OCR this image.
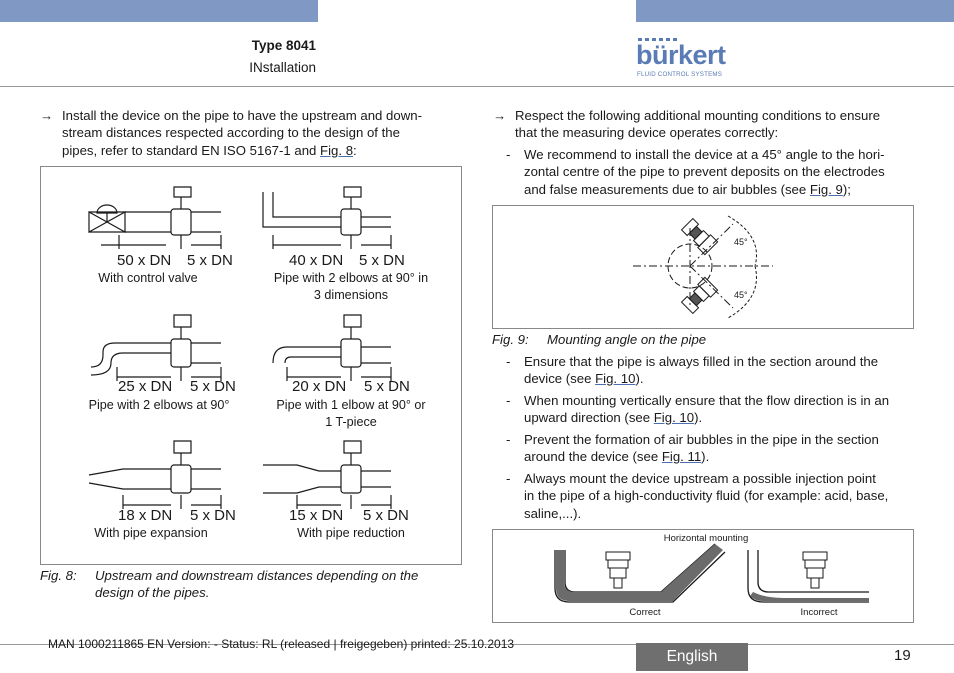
Type 8041
INstallation	bürkert
FLUID CONTROL SYSTEMS
→ Install the device on the pipe to have the upstream and down-
stream distances respected according to the design of the
pipes, refer to standard EN ISO 5167-1 and Fig. 8:
50 x DN 5 x DN	40 x DN 5 x DN
25 x DN 5 x DN	20 x DN 5 x DN
18 x DN 5 x DN	15 x DN 5 x DN
With control valve	Pipe with 2 elbows at 90° in
3 dimensions
Pipe with 2 elbows at 90°	Pipe with 1 elbow at 90° or
1 T-piece
With pipe expansion	With pipe reduction
Fig. 8: Upstream and downstream distances depending on the
design of the pipes.
→ Respect the following additional mounting conditions to ensure
that the measuring device operates correctly:
- We recommend to install the device at a 45° angle to the hori-
zontal centre of the pipe to prevent deposits on the electrodes
and false measurements due to air bubbles (see Fig. 9);
45°
45°
Fig. 9: Mounting angle on the pipe
- Ensure that the pipe is always filled in the section around the
device (see Fig. 10).
- When mounting vertically ensure that the flow direction is in an
upward direction (see Fig. 10).
- Prevent the formation of air bubbles in the pipe in the section
around the device (see Fig. 11).
- Always mount the device upstream a possible injection point
in the pipe of a high-conductivity fluid (for example: acid, base,
saline,...).
Horizontal mounting
Correct	Incorrect
MAN 1000211865 EN Version: - Status: RL (released | freigegeben) printed: 25.10.2013
English	19
